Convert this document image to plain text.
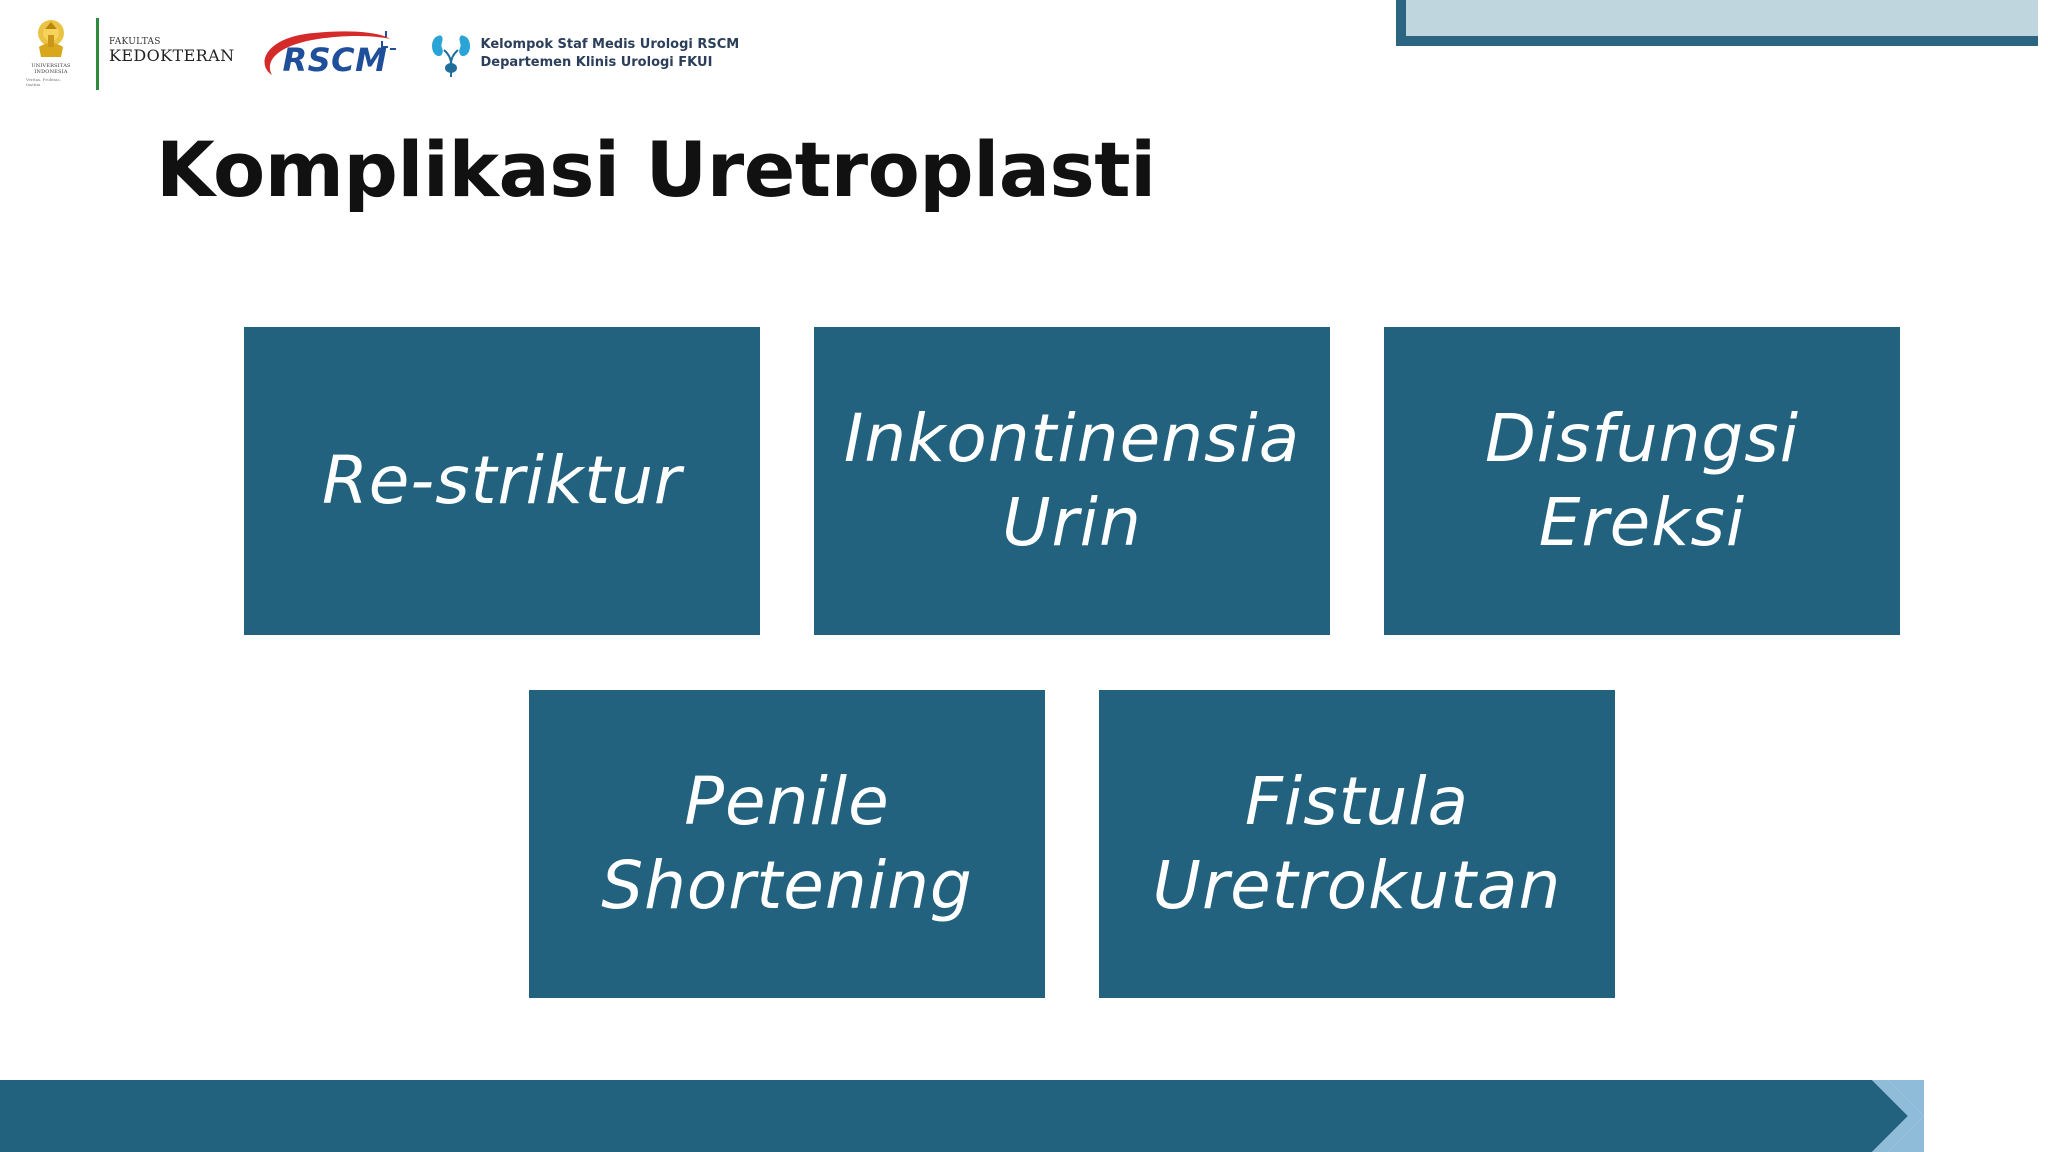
UNIVERSITAS
INDONESIA
Veritas, Probitas, Iustitia
FAKULTAS
KEDOKTERAN RSCM	Kelompok Staf Medis Urologi RSCM
Departemen Klinis Urologi FKUI
Komplikasi Uretroplasti
Re-striktur
Inkontinensia
Urin
Disfungsi
Ereksi
Penile
Shortening
Fistula
Uretrokutan
